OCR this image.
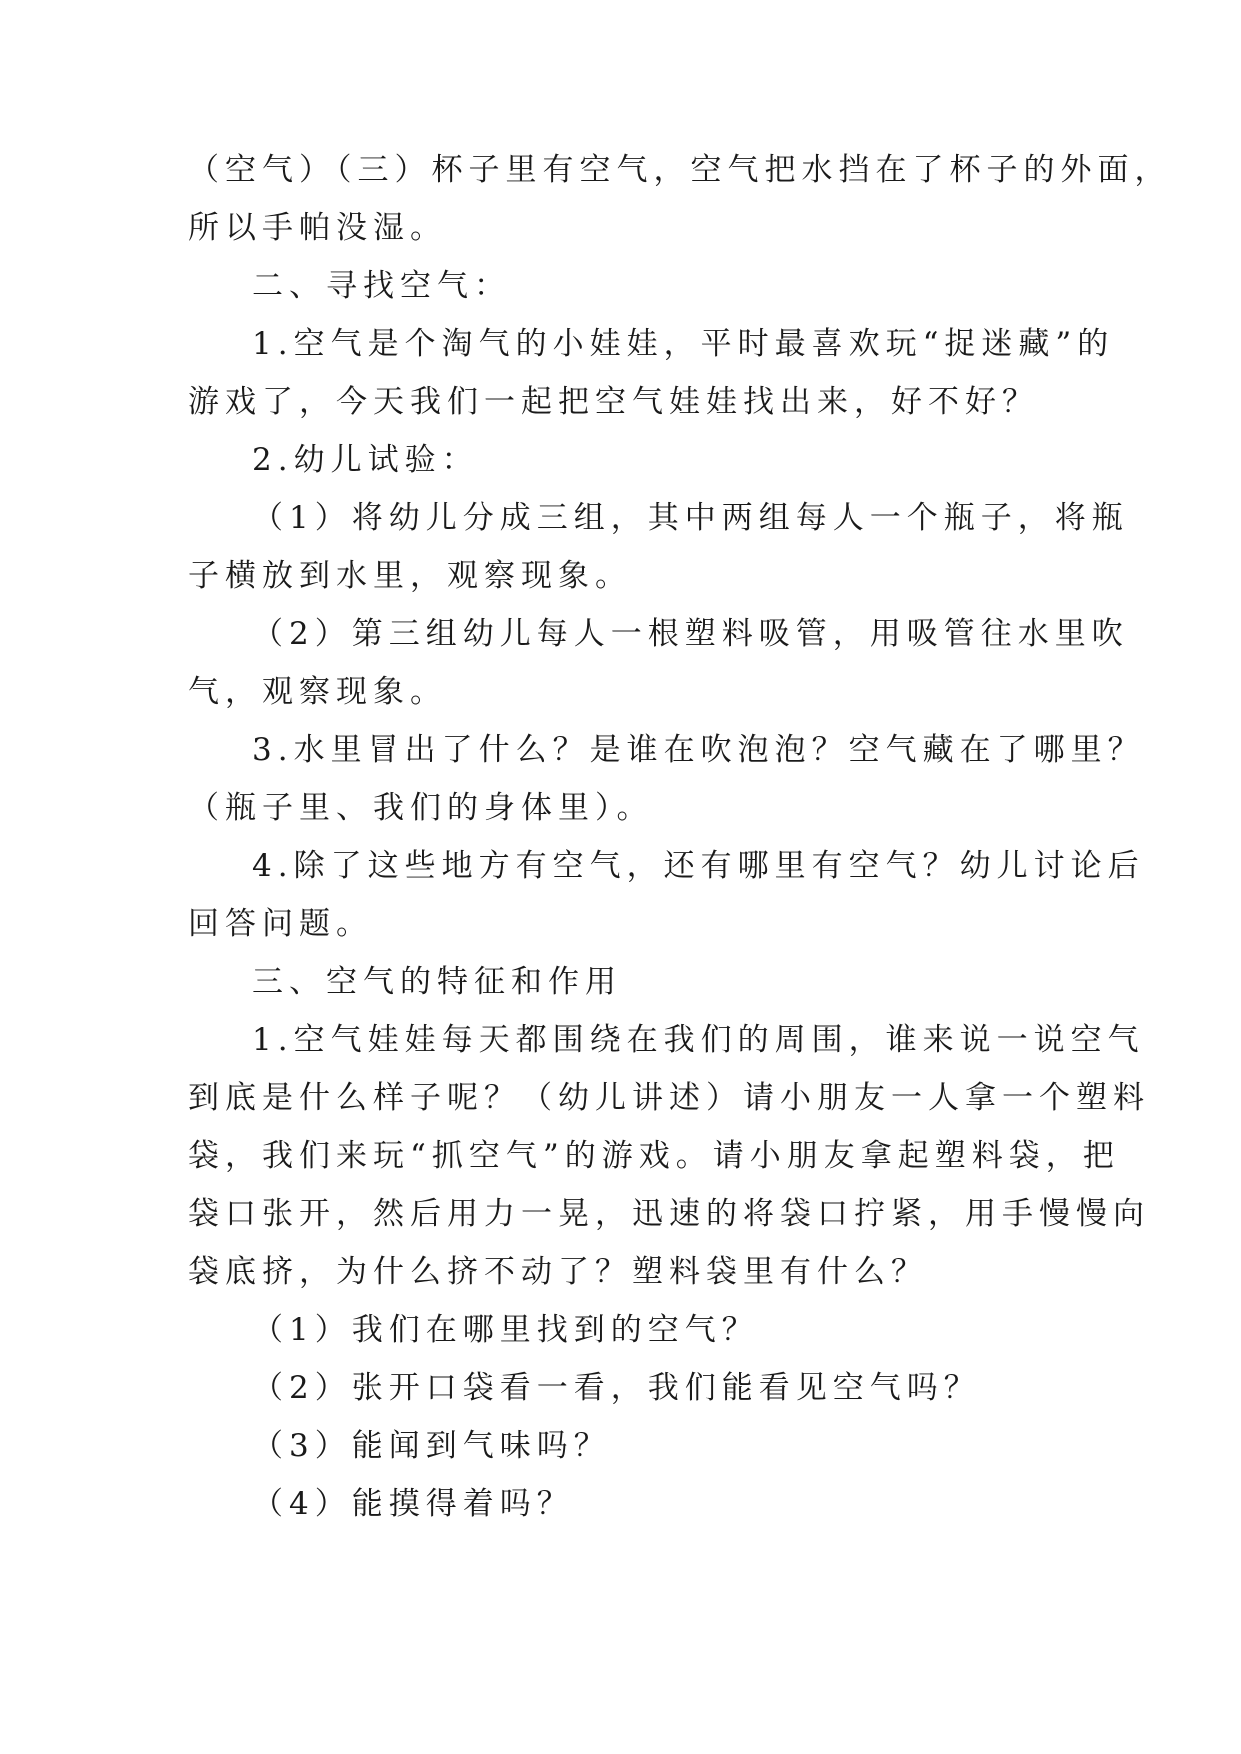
（空气）（三）杯子里有空气，空气把水挡在了杯子的外面，
所以手帕没湿。
二、寻找空气：
1.空气是个淘气的小娃娃，平时最喜欢玩“捉迷藏”的
游戏了，今天我们一起把空气娃娃找出来，好不好？
2.幼儿试验：
（1）将幼儿分成三组，其中两组每人一个瓶子，将瓶
子横放到水里，观察现象。
（2）第三组幼儿每人一根塑料吸管，用吸管往水里吹
气，观察现象。
3.水里冒出了什么？是谁在吹泡泡？空气藏在了哪里？
（瓶子里、我们的身体里）。
4.除了这些地方有空气，还有哪里有空气？幼儿讨论后
回答问题。
三、空气的特征和作用
1.空气娃娃每天都围绕在我们的周围，谁来说一说空气
到底是什么样子呢？（幼儿讲述）请小朋友一人拿一个塑料
袋，我们来玩“抓空气”的游戏。请小朋友拿起塑料袋，把
袋口张开，然后用力一晃，迅速的将袋口拧紧，用手慢慢向
袋底挤，为什么挤不动了？塑料袋里有什么？
（1）我们在哪里找到的空气？
（2）张开口袋看一看，我们能看见空气吗？
（3）能闻到气味吗？
（4）能摸得着吗？
